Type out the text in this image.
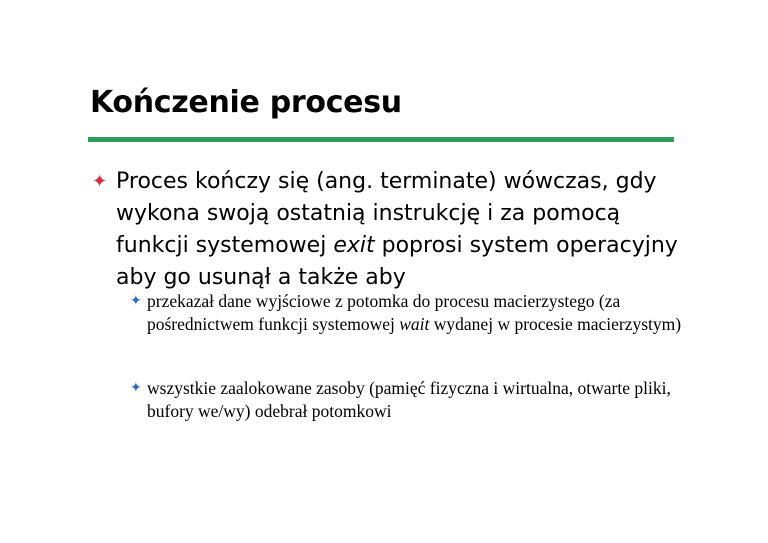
Kończenie procesu
✦ Proces kończy się (ang. terminate) wówczas, gdy wykona swoją ostatnią instrukcję i za pomocą funkcji systemowej exit poprosi system operacyjny aby go usunął a także aby
✦ przekazał dane wyjściowe z potomka do procesu macierzystego (za pośrednictwem funkcji systemowej wait wydanej w procesie macierzystym)
✦ wszystkie zaalokowane zasoby (pamięć fizyczna i wirtualna, otwarte pliki, bufory we/wy) odebrał potomkowi
